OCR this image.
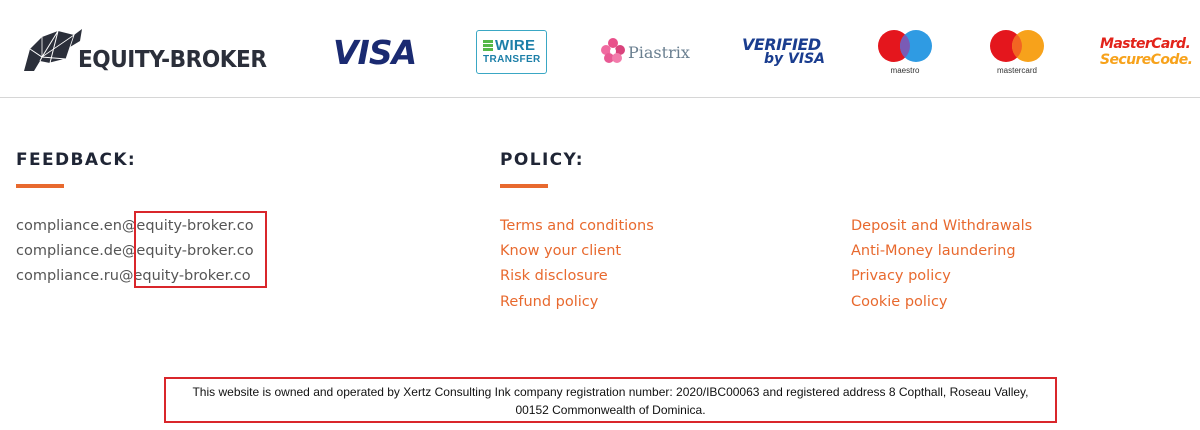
EQUITY-BROKER VISA	WIRE
TRANSFER	Piastrix	VERIFIED
by VISA
maestro	mastercard
MasterCard.
SecureCode.
FEEDBACK:
compliance.en@equity-broker.co
compliance.de@equity-broker.co
compliance.ru@equity-broker.co
POLICY:
Terms and conditions
Know your client
Risk disclosure
Refund policy
Deposit and Withdrawals
Anti-Money laundering
Privacy policy
Cookie policy
This website is owned and operated by Xertz Consulting Ink company registration number: 2020/IBC00063 and registered address 8 Copthall, Roseau Valley,
00152 Commonwealth of Dominica.
